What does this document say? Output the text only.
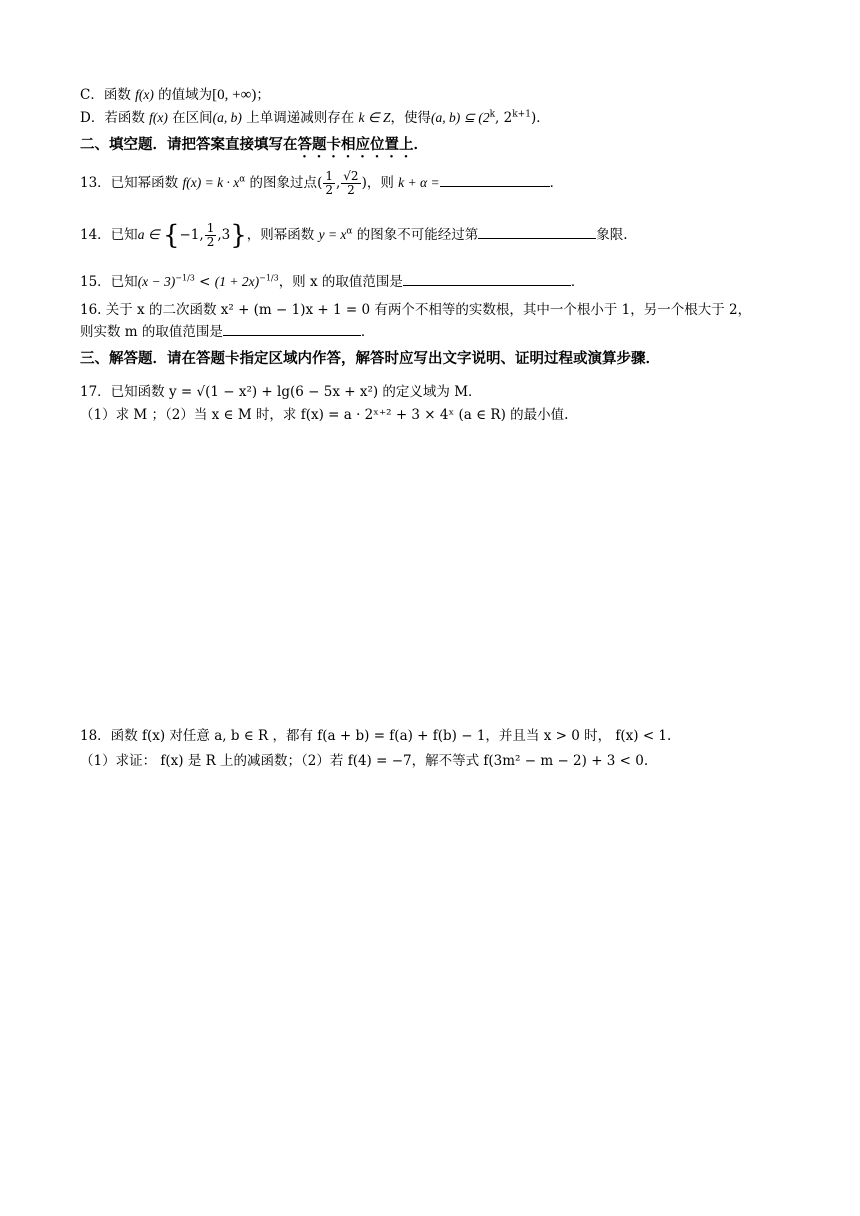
C．函数 f(x) 的值域为[0, +∞)；
D．若函数 f(x) 在区间(a, b) 上单调递减则存在 k ∈ Z，使得(a, b) ⊆ (2$^k$, $2^{k+1}$)．
二、填空题．请把答案直接填写在答题卡相应位置上．
13．已知幂函数 $f(x) = k \cdot x^\alpha$ 的图象过点( $\frac{1}{2}$ , $\frac{√2}{2}$ )，则 k + α =	．
14．已知a ∈ {−1, $\frac{1}{2} ,3$}，则幂函数 $y = x^\alpha$ 的图象不可能经过第	象限.
15．已知$(x - 3)^{-1/3} < (1 + 2x)^{-1/3}$，则 x 的取值范围是	．
16. 关于 x 的二次函数 x² + (m − 1)x + 1 = 0 有两个不相等的实数根，其中一个根小于 1，另一个根大于 2，
则实数 m 的取值范围是	．
三、解答题．请在答题卡指定区域内作答，解答时应写出文字说明、证明过程或演算步骤．
17．已知函数 y = √(1 − x²) + lg(6 − 5x + x²) 的定义域为 M．
（1）求 M ；（2）当 x ∈ M 时，求 f(x) = a · 2ˣ⁺² + 3 × 4ˣ (a ∈ R) 的最小值.
18．函数 f(x) 对任意 a, b ∈ R ，都有 f(a + b) = f(a) + f(b) − 1，并且当 x > 0 时， f(x) < 1.
（1）求证： f(x) 是 R 上的减函数；（2）若 f(4) = −7，解不等式 f(3m² − m − 2) + 3 < 0.
